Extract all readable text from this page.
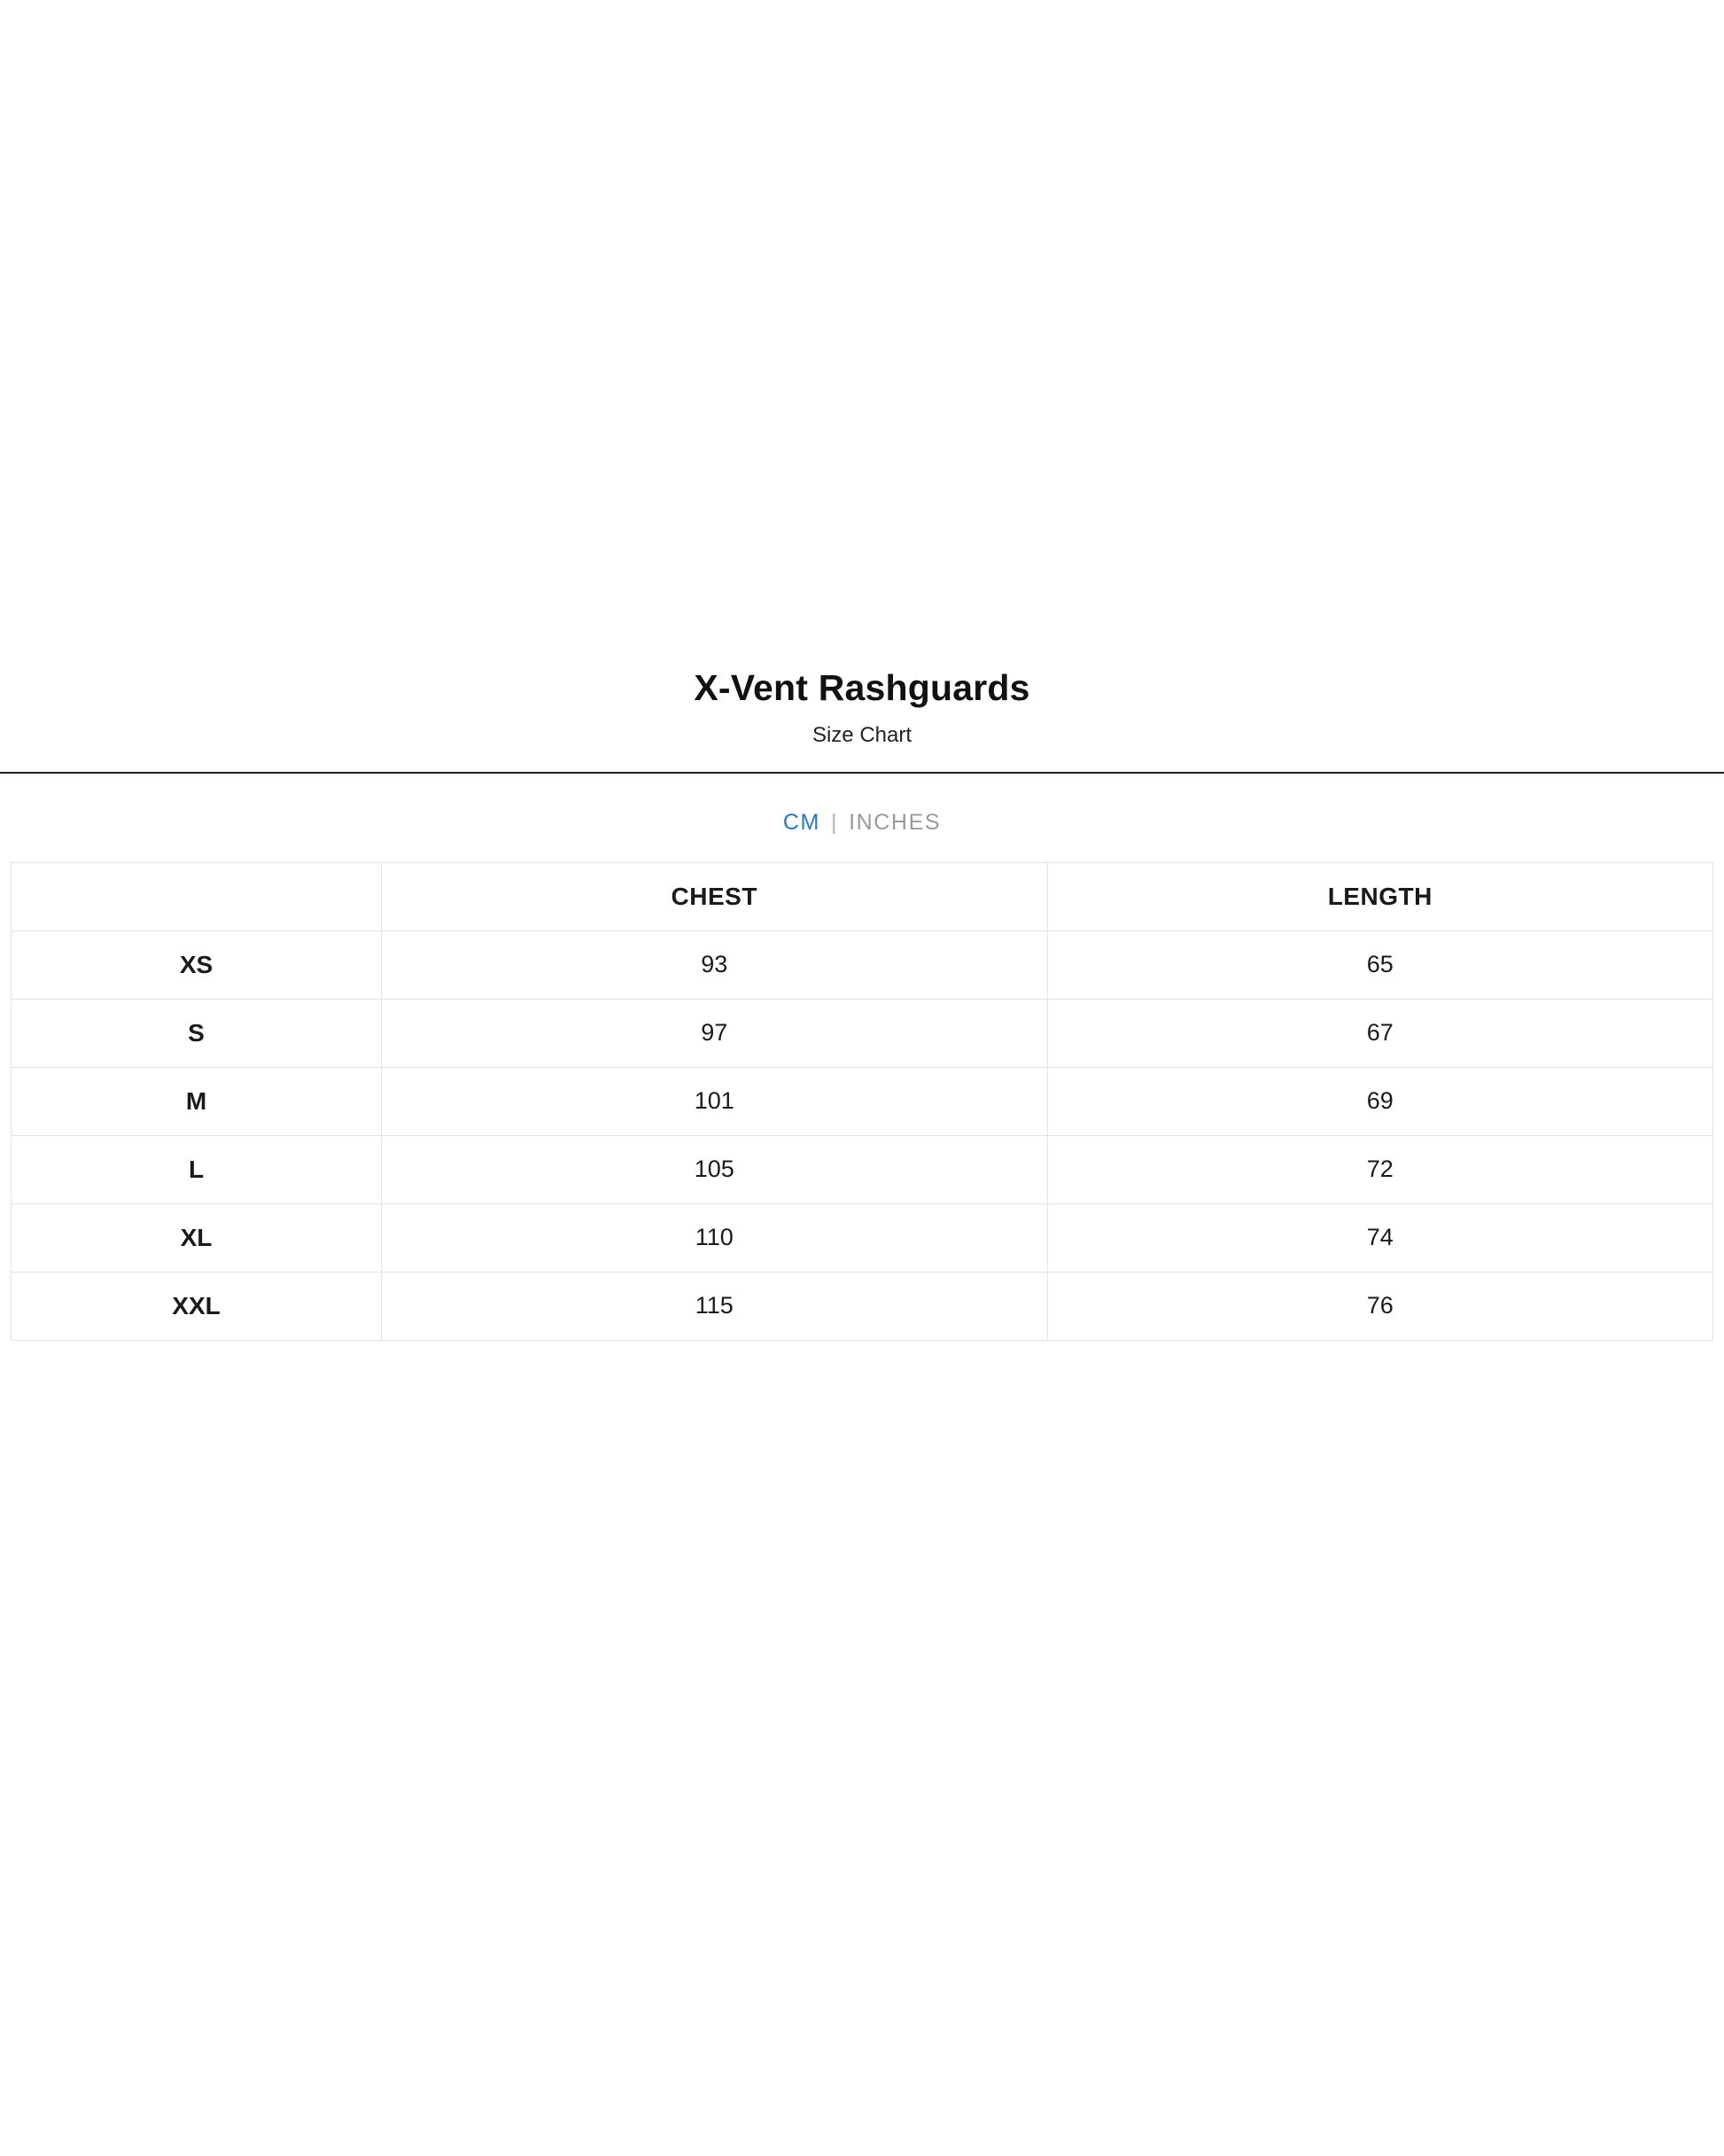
X-Vent Rashguards
Size Chart
CM | INCHES
	CHEST	LENGTH
XS	93	65
S	97	67
M	101	69
L	105	72
XL	110	74
XXL	115	76
